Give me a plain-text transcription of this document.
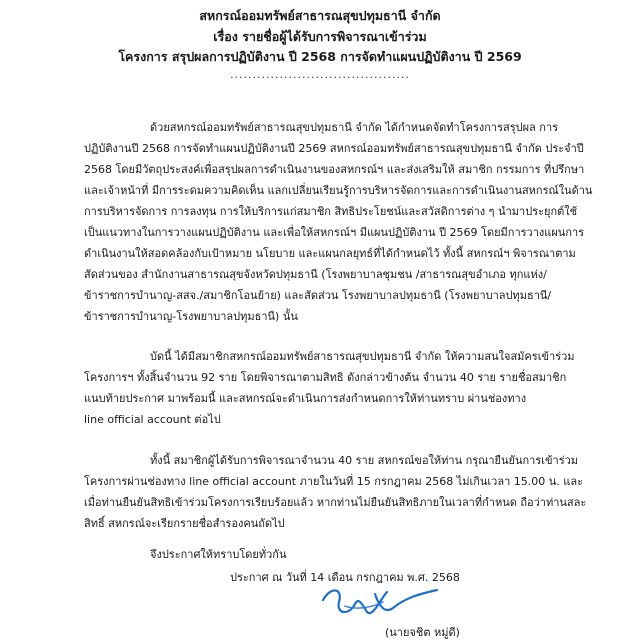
สหกรณ์ออมทรัพย์สาธารณสุขปทุมธานี จำกัด
เรื่อง รายชื่อผู้ได้รับการพิจารณาเข้าร่วม
โครงการ สรุปผลการปฏิบัติงาน ปี 2568 การจัดทำแผนปฏิบัติงาน ปี 2569
........................................
ด้วยสหกรณ์ออมทรัพย์สาธารณสุขปทุมธานี จำกัด ได้กำหนดจัดทำโครงการสรุปผล การ
ปฏิบัติงานปี 2568 การจัดทำแผนปฏิบัติงานปี 2569 สหกรณ์ออมทรัพย์สาธารณสุขปทุมธานี จำกัด ประจำปี
2568 โดยมีวัตถุประสงค์เพื่อสรุปผลการดำเนินงานของสหกรณ์ฯ และส่งเสริมให้ สมาชิก กรรมการ ที่ปรึกษา
และเจ้าหน้าที่ มีการระดมความคิดเห็น แลกเปลี่ยนเรียนรู้การบริหารจัดการและการดำเนินงานสหกรณ์ในด้าน
การบริหารจัดการ การลงทุน การให้บริการแก่สมาชิก สิทธิประโยชน์และสวัสดิการต่าง ๆ นำมาประยุกต์ใช้
เป็นแนวทางในการวางแผนปฏิบัติงาน และเพื่อให้สหกรณ์ฯ มีแผนปฏิบัติงาน ปี 2569 โดยมีการวางแผนการ
ดำเนินงานให้สอดคล้องกับเป้าหมาย นโยบาย และแผนกลยุทธ์ที่ได้กำหนดไว้ ทั้งนี้ สหกรณ์ฯ พิจารณาตาม
สัดส่วนของ สำนักงานสาธารณสุขจังหวัดปทุมธานี (โรงพยาบาลชุมชน /สาธารณสุขอำเภอ ทุกแห่ง/
ข้าราชการบำนาญ-สสจ./สมาชิกโอนย้าย) และสัดส่วน โรงพยาบาลปทุมธานี (โรงพยาบาลปทุมธานี/
ข้าราชการบำนาญ-โรงพยาบาลปทุมธานี) นั้น
บัดนี้ ได้มีสมาชิกสหกรณ์ออมทรัพย์สาธารณสุขปทุมธานี จำกัด ให้ความสนใจสมัครเข้าร่วม
โครงการฯ ทั้งสิ้นจำนวน 92 ราย โดยพิจารณาตามสิทธิ ดังกล่าวข้างต้น จำนวน 40 ราย รายชื่อสมาชิก
แนบท้ายประกาศ มาพร้อมนี้ และสหกรณ์จะดำเนินการส่งกำหนดการให้ท่านทราบ ผ่านช่องทาง
line official account ต่อไป
ทั้งนี้ สมาชิกผู้ได้รับการพิจารณาจำนวน 40 ราย สหกรณ์ขอให้ท่าน กรุณายืนยันการเข้าร่วม
โครงการผ่านช่องทาง line official account ภายในวันที่ 15 กรกฎาคม 2568 ไม่เกินเวลา 15.00 น. และ
เมื่อท่านยืนยันสิทธิเข้าร่วมโครงการเรียบร้อยแล้ว หากท่านไม่ยืนยันสิทธิภายในเวลาที่กำหนด ถือว่าท่านสละ
สิทธิ์ สหกรณ์จะเรียกรายชื่อสำรองคนถัดไป
จึงประกาศให้ทราบโดยทั่วกัน
ประกาศ ณ วันที่ 14 เดือน กรกฎาคม พ.ศ. 2568
(นายจชิต หมู่ดี)
